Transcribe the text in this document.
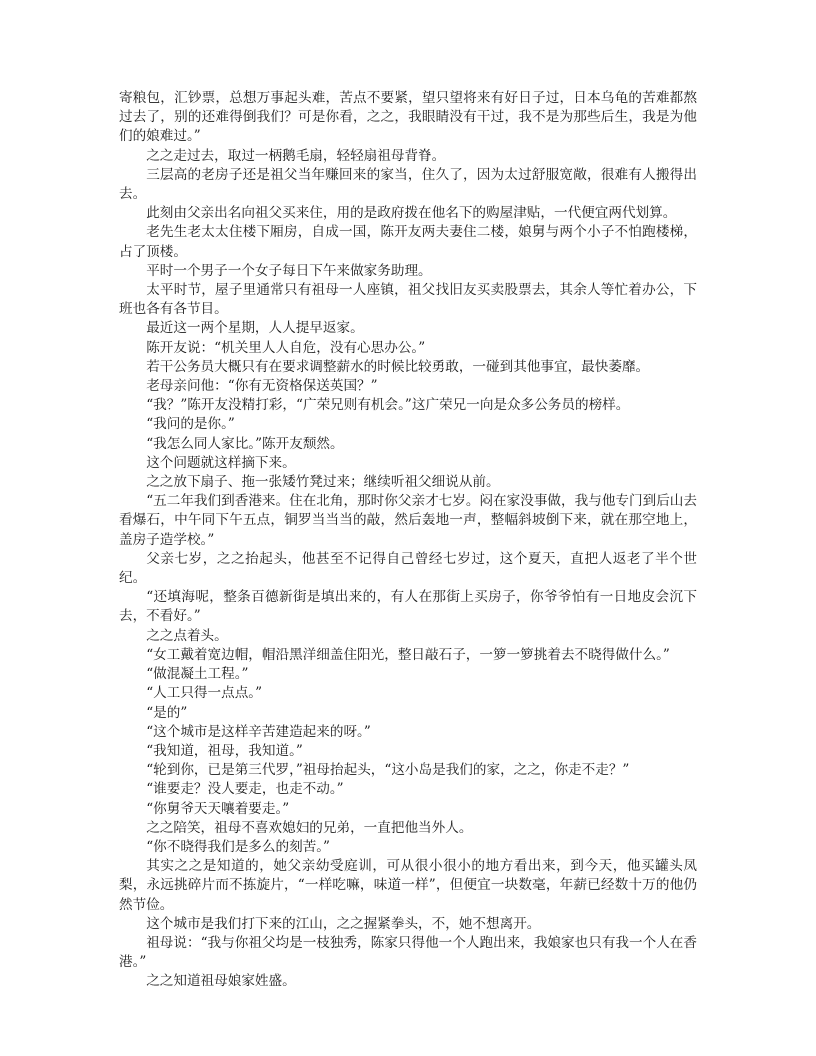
寄粮包，汇钞票，总想万事起头难，苦点不要紧，望只望将来有好日子过，日本乌龟的苦难都熬过去了，别的还难得倒我们？可是你看，之之，我眼睛没有干过，我不是为那些后生，我是为他们的娘难过。”

之之走过去，取过一柄鹅毛扇，轻轻扇祖母背脊。

三层高的老房子还是祖父当年赚回来的家当，住久了，因为太过舒服宽敞，很难有人搬得出去。

此刻由父亲出名向祖父买来住，用的是政府拨在他名下的购屋津贴，一代便宜两代划算。

老先生老太太住楼下厢房，自成一国，陈开友两夫妻住二楼，娘舅与两个小子不怕跑楼梯，占了顶楼。

平时一个男子一个女子每日下午来做家务助理。

太平时节，屋子里通常只有祖母一人座镇，祖父找旧友买卖股票去，其余人等忙着办公，下班也各有各节目。

最近这一两个星期，人人提早返家。

陈开友说：“机关里人人自危，没有心思办公。”

若干公务员大概只有在要求调整薪水的时候比较勇敢，一碰到其他事宜，最快萎靡。

老母亲问他：“你有无资格保送英国？”

“我？”陈开友没精打彩，“广荣兄则有机会。”这广荣兄一向是众多公务员的榜样。

“我问的是你。”

“我怎么同人家比。”陈开友颓然。

这个问题就这样摘下来。

之之放下扇子、拖一张矮竹凳过来；继续听祖父细说从前。

“五二年我们到香港来。住在北角，那时你父亲才七岁。闷在家没事做，我与他专门到后山去看爆石，中午同下午五点，铜罗当当当的敲，然后轰地一声，整幅斜坡倒下来，就在那空地上，盖房子造学校。”

父亲七岁，之之抬起头，他甚至不记得自己曾经七岁过，这个夏天，直把人返老了半个世纪。

“还填海呢，整条百德新街是填出来的，有人在那街上买房子，你爷爷怕有一日地皮会沉下去，不看好。”

之之点着头。

“女工戴着宽边帽，帽沿黑洋细盖住阳光，整日敲石子，一箩一箩挑着去不晓得做什么。”

“做混凝土工程。”

“人工只得一点点。”

“是的”

“这个城市是这样辛苦建造起来的呀。”

“我知道，祖母，我知道。”

“轮到你，已是第三代罗，”祖母抬起头，“这小岛是我们的家，之之，你走不走？”

“谁要走？没人要走，也走不动。”

“你舅爷天天嚷着要走。”

之之陪笑，祖母不喜欢媳妇的兄弟，一直把他当外人。

“你不晓得我们是多么的刻苦。”

其实之之是知道的，她父亲幼受庭训，可从很小很小的地方看出来，到今天，他买罐头凤梨，永远挑碎片而不拣旋片，“一样吃嘛，味道一样”，但便宜一块数毫，年薪已经数十万的他仍然节俭。

这个城市是我们打下来的江山，之之握紧拳头，不，她不想离开。

祖母说：“我与你祖父均是一枝独秀，陈家只得他一个人跑出来，我娘家也只有我一个人在香港。”

之之知道祖母娘家姓盛。
